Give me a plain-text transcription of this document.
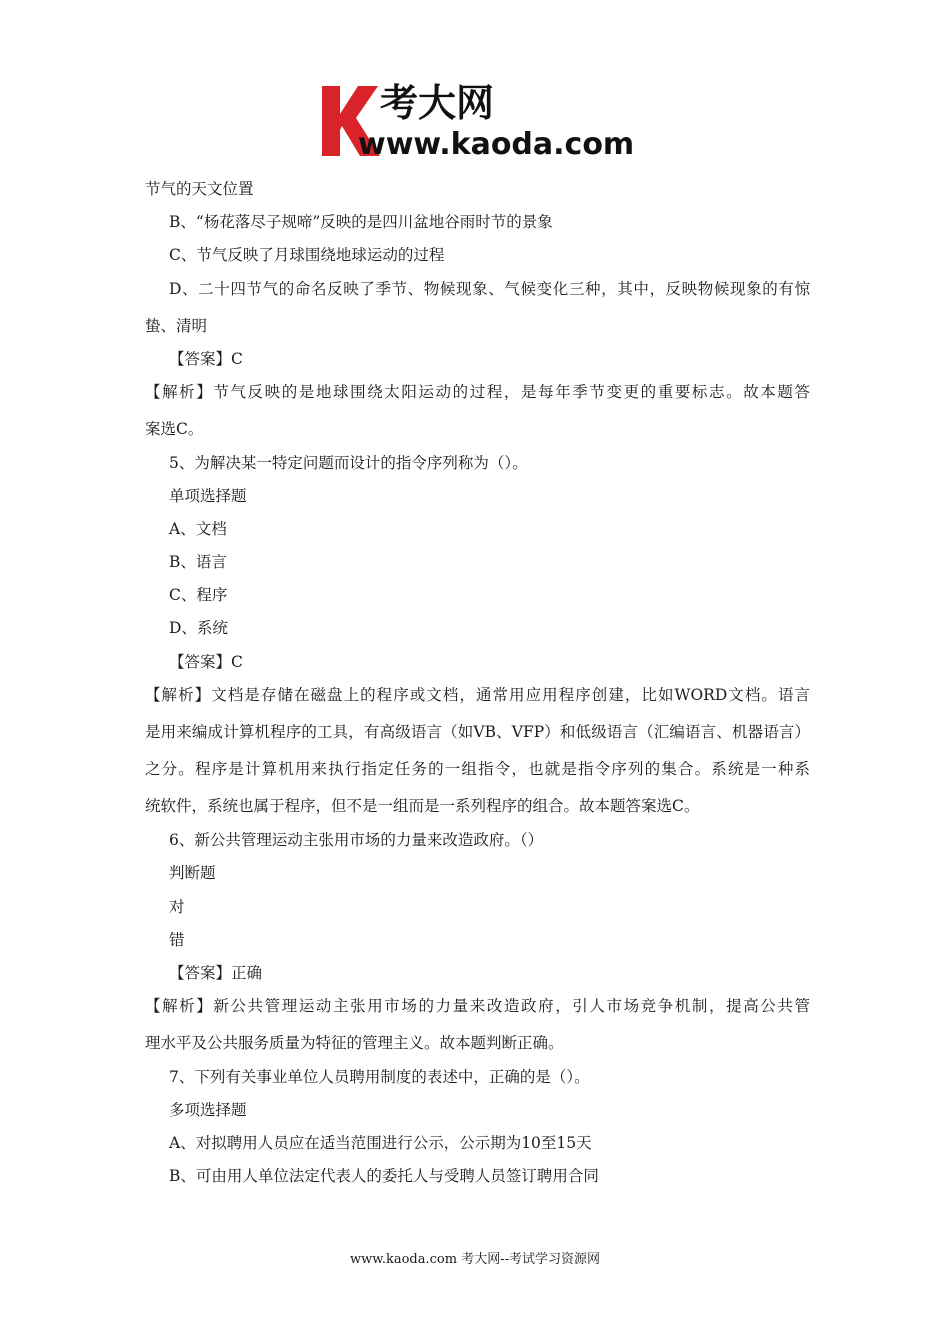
考大网
www.kaoda.com
节气的天文位置
B、“杨花落尽子规啼”反映的是四川盆地谷雨时节的景象
C、节气反映了月球围绕地球运动的过程
D、二十四节气的命名反映了季节、物候现象、气候变化三种，其中，反映物候现象的有惊
蛰、清明
【答案】C
【解析】节气反映的是地球围绕太阳运动的过程，是每年季节变更的重要标志。故本题答
案选C。
5、为解决某一特定问题而设计的指令序列称为（）。
单项选择题
A、文档
B、语言
C、程序
D、系统
【答案】C
【解析】文档是存储在磁盘上的程序或文档，通常用应用程序创建，比如WORD文档。语言
是用来编成计算机程序的工具，有高级语言（如VB、VFP）和低级语言（汇编语言、机器语言）
之分。程序是计算机用来执行指定任务的一组指令，也就是指令序列的集合。系统是一种系
统软件，系统也属于程序，但不是一组而是一系列程序的组合。故本题答案选C。
6、新公共管理运动主张用市场的力量来改造政府。（）
判断题
对
错
【答案】正确
【解析】新公共管理运动主张用市场的力量来改造政府，引人市场竞争机制，提高公共管
理水平及公共服务质量为特征的管理主义。故本题判断正确。
7、下列有关事业单位人员聘用制度的表述中，正确的是（）。
多项选择题
A、对拟聘用人员应在适当范围进行公示，公示期为10至15天
B、可由用人单位法定代表人的委托人与受聘人员签订聘用合同
www.kaoda.com 考大网--考试学习资源网
